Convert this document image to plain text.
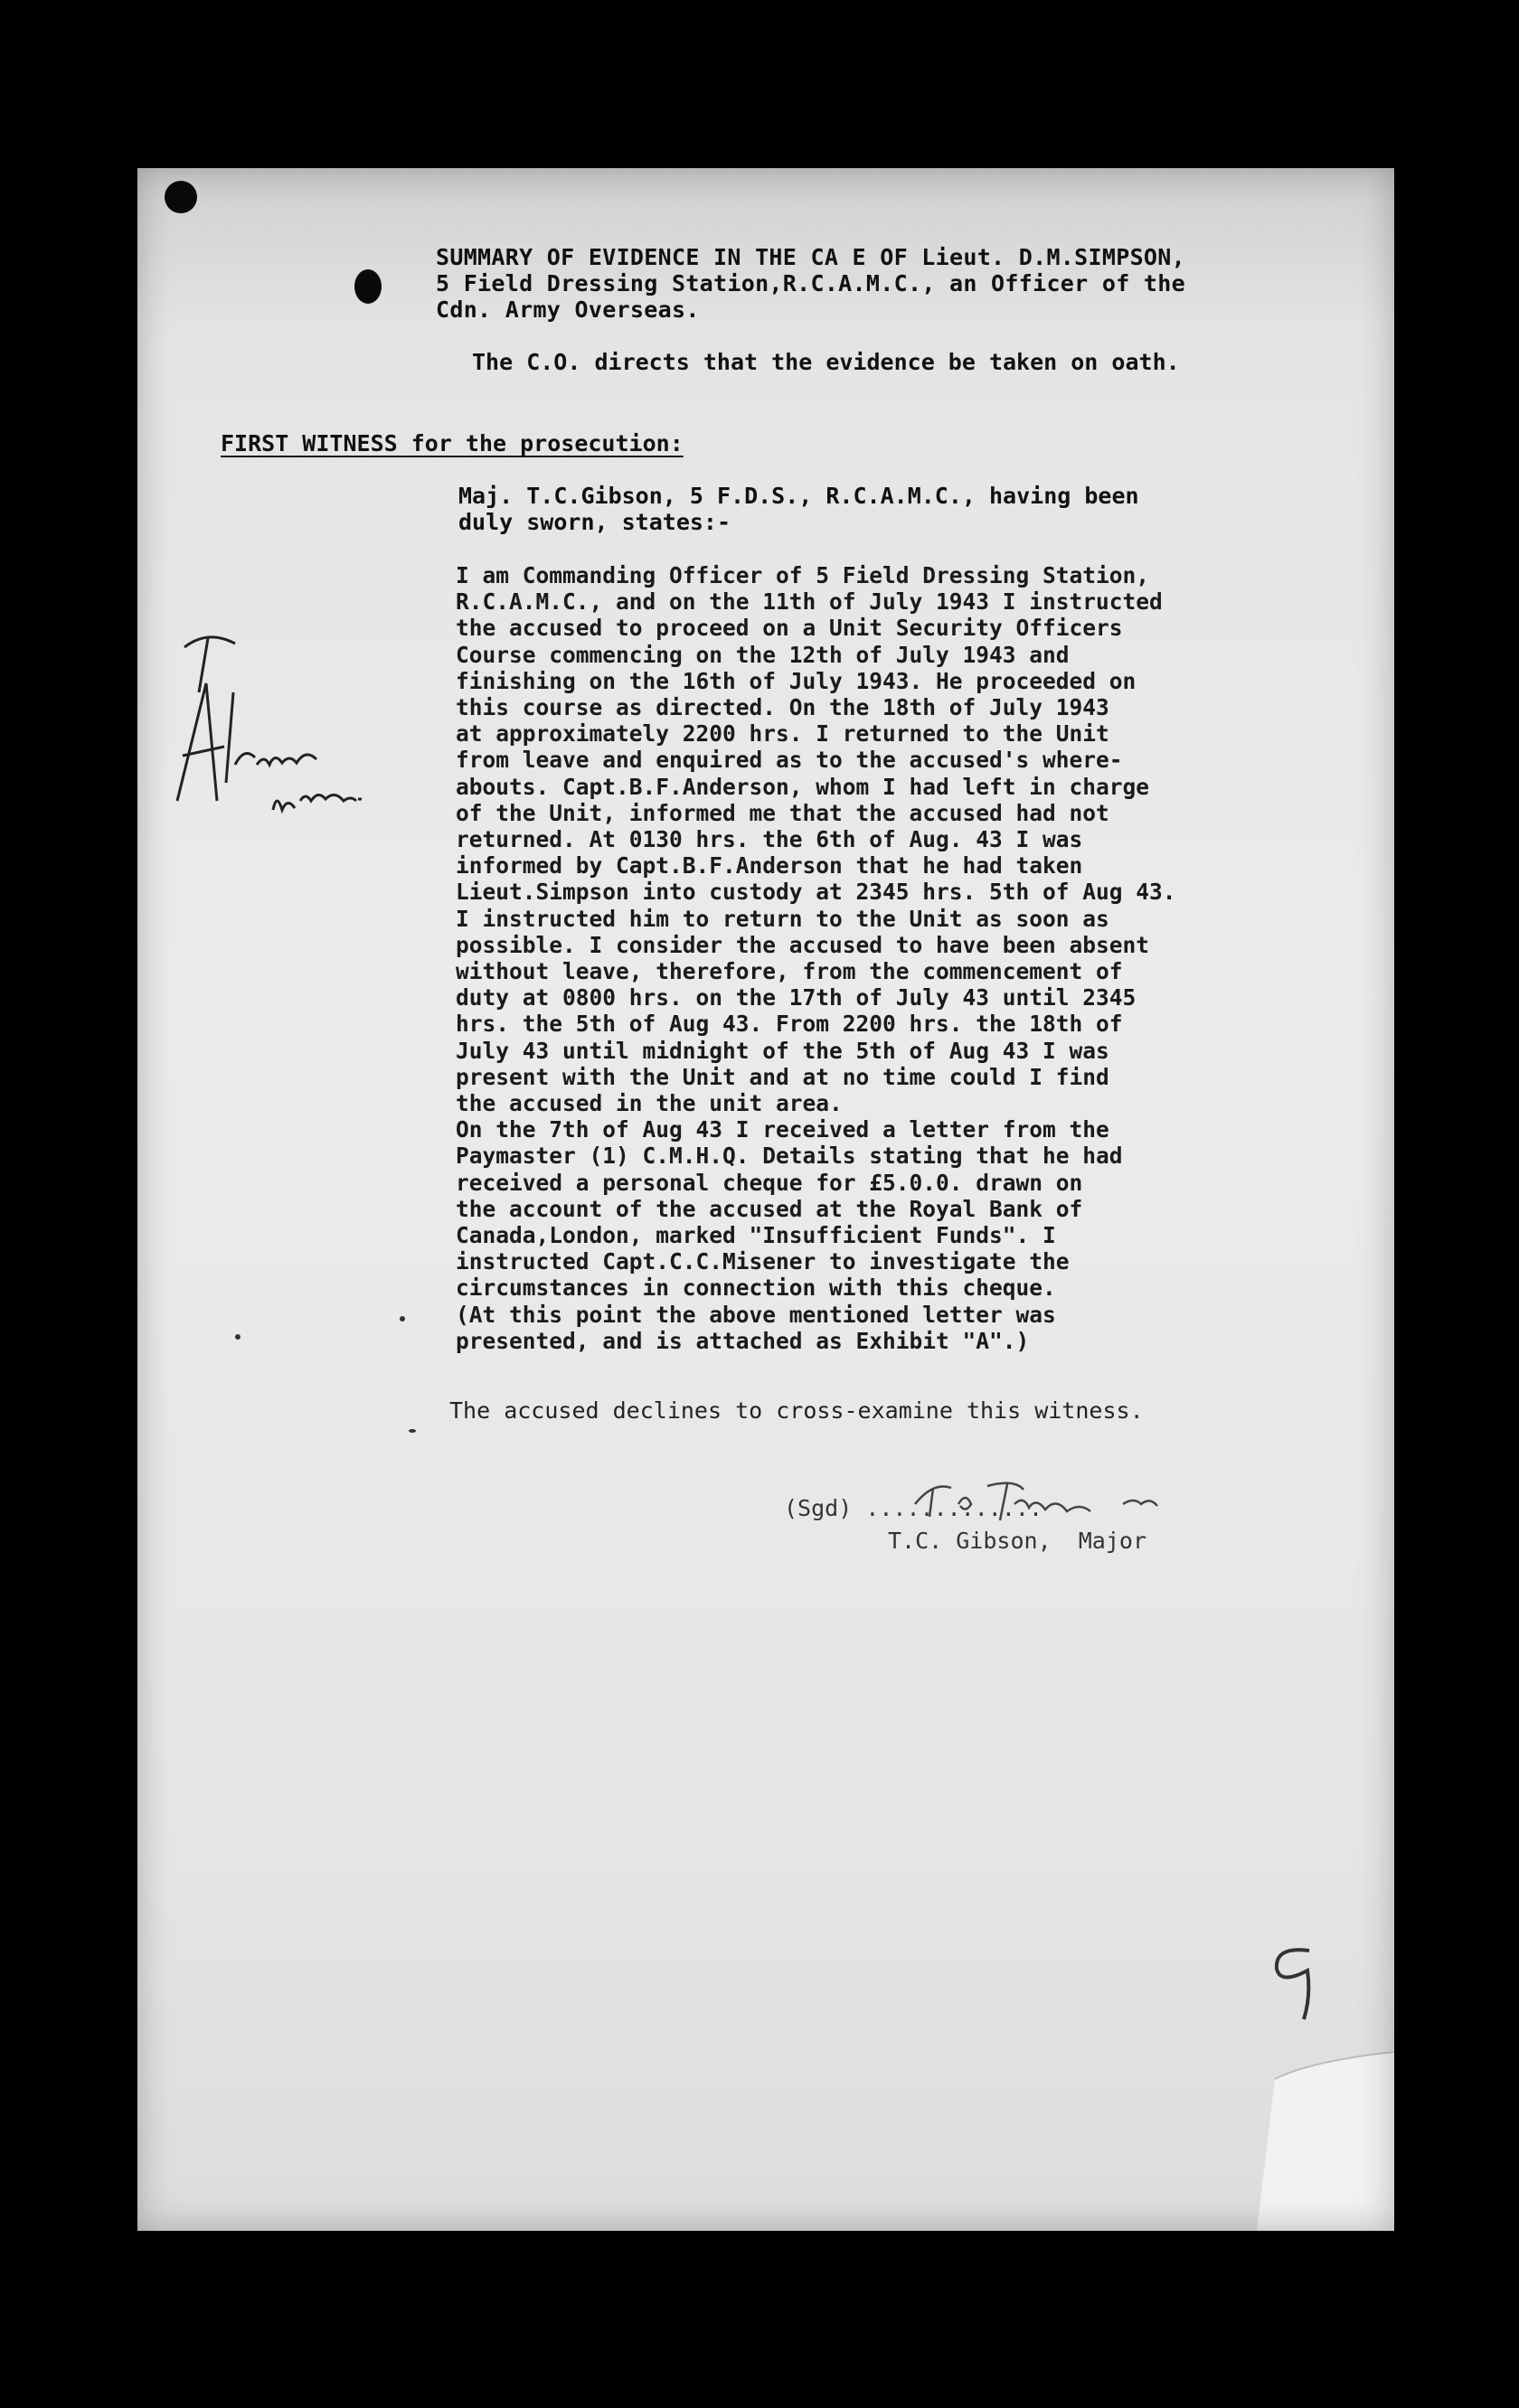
SUMMARY OF EVIDENCE IN THE CA E OF Lieut. D.M.SIMPSON,
5 Field Dressing Station,R.C.A.M.C., an Officer of the
Cdn. Army Overseas.
The C.O. directs that the evidence be taken on oath.
FIRST WITNESS for the prosecution:
Maj. T.C.Gibson, 5 F.D.S., R.C.A.M.C., having been
duly sworn, states:-
I am Commanding Officer of 5 Field Dressing Station,
R.C.A.M.C., and on the 11th of July 1943 I instructed
the accused to proceed on a Unit Security Officers
Course commencing on the 12th of July 1943 and
finishing on the 16th of July 1943. He proceeded on
this course as directed. On the 18th of July 1943
at approximately 2200 hrs. I returned to the Unit
from leave and enquired as to the accused's where-
abouts. Capt.B.F.Anderson, whom I had left in charge
of the Unit, informed me that the accused had not
returned. At 0130 hrs. the 6th of Aug. 43 I was
informed by Capt.B.F.Anderson that he had taken
Lieut.Simpson into custody at 2345 hrs. 5th of Aug 43.
I instructed him to return to the Unit as soon as
possible. I consider the accused to have been absent
without leave, therefore, from the commencement of
duty at 0800 hrs. on the 17th of July 43 until 2345
hrs. the 5th of Aug 43. From 2200 hrs. the 18th of
July 43 until midnight of the 5th of Aug 43 I was
present with the Unit and at no time could I find
the accused in the unit area.
On the 7th of Aug 43 I received a letter from the
Paymaster (1) C.M.H.Q. Details stating that he had
received a personal cheque for £5.0.0. drawn on
the account of the accused at the Royal Bank of
Canada,London, marked "Insufficient Funds". I
instructed Capt.C.C.Misener to investigate the
circumstances in connection with this cheque.
(At this point the above mentioned letter was
presented, and is attached as Exhibit "A".)
The accused declines to cross-examine this witness.
(Sgd) .............
T.C. Gibson, Major
